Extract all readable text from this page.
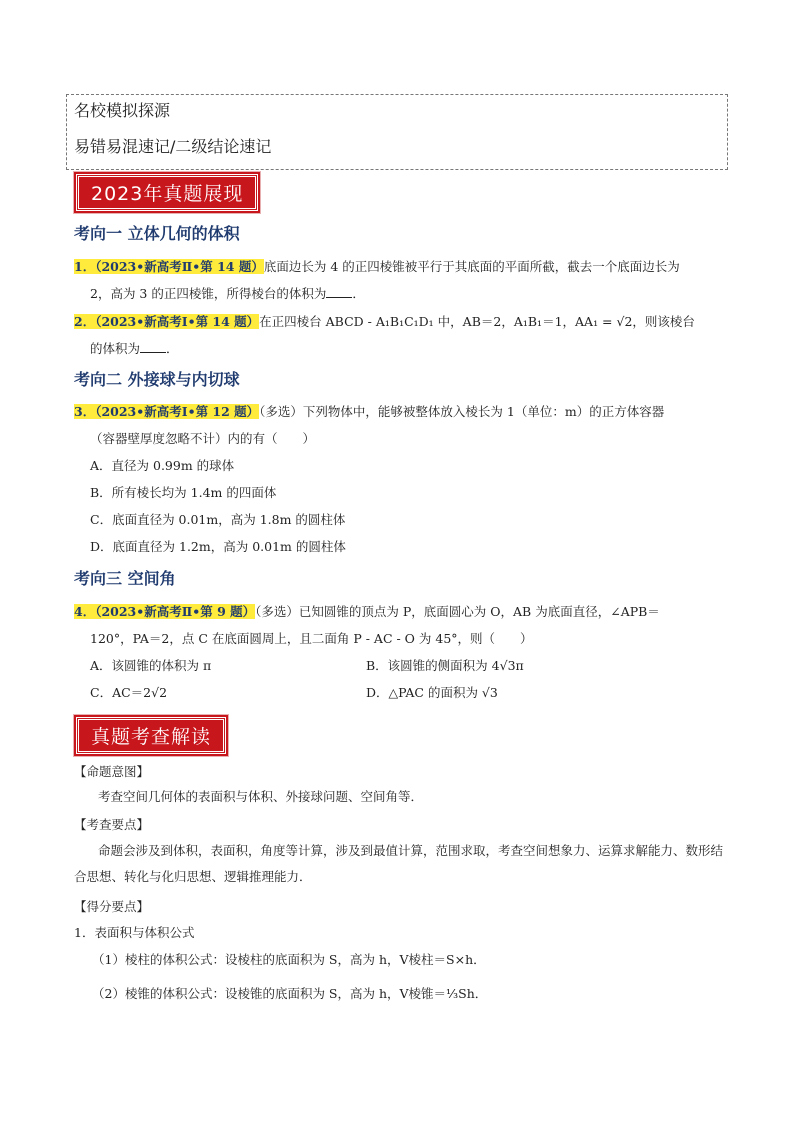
名校模拟探源
易错易混速记/二级结论速记
2023年真题展现
考向一 立体几何的体积
1．（2023•新高考Ⅱ•第 14 题）底面边长为 4 的正四棱锥被平行于其底面的平面所截，截去一个底面边长为
2，高为 3 的正四棱锥，所得棱台的体积为 ．
2．（2023•新高考Ⅰ•第 14 题）在正四棱台 ABCD - A₁B₁C₁D₁ 中，AB＝2，A₁B₁＝1，AA₁ = √2，则该棱台
的体积为 ．
考向二 外接球与内切球
3．（2023•新高考Ⅰ•第 12 题）（多选）下列物体中，能够被整体放入棱长为 1（单位：m）的正方体容器
（容器壁厚度忽略不计）内的有（　　）
A．直径为 0.99m 的球体
B．所有棱长均为 1.4m 的四面体
C．底面直径为 0.01m，高为 1.8m 的圆柱体
D．底面直径为 1.2m，高为 0.01m 的圆柱体
考向三 空间角
4．（2023•新高考Ⅱ•第 9 题）（多选）已知圆锥的顶点为 P，底面圆心为 O，AB 为底面直径，∠APB＝
120°，PA＝2，点 C 在底面圆周上，且二面角 P - AC - O 为 45°，则（　　）
A．该圆锥的体积为 π	B．该圆锥的侧面积为 4√3π
C．AC＝2√2	D．△PAC 的面积为 √3
真题考查解读
【命题意图】
考查空间几何体的表面积与体积、外接球问题、空间角等．
【考查要点】
命题会涉及到体积，表面积，角度等计算，涉及到最值计算，范围求取，考查空间想象力、运算求解能力、数形结合思想、转化与化归思想、逻辑推理能力．
【得分要点】
1．表面积与体积公式
（1）棱柱的体积公式：设棱柱的底面积为 S，高为 h，V棱柱＝S×h．
（2）棱锥的体积公式：设棱锥的底面积为 S，高为 h，V棱锥＝⅓Sh．
